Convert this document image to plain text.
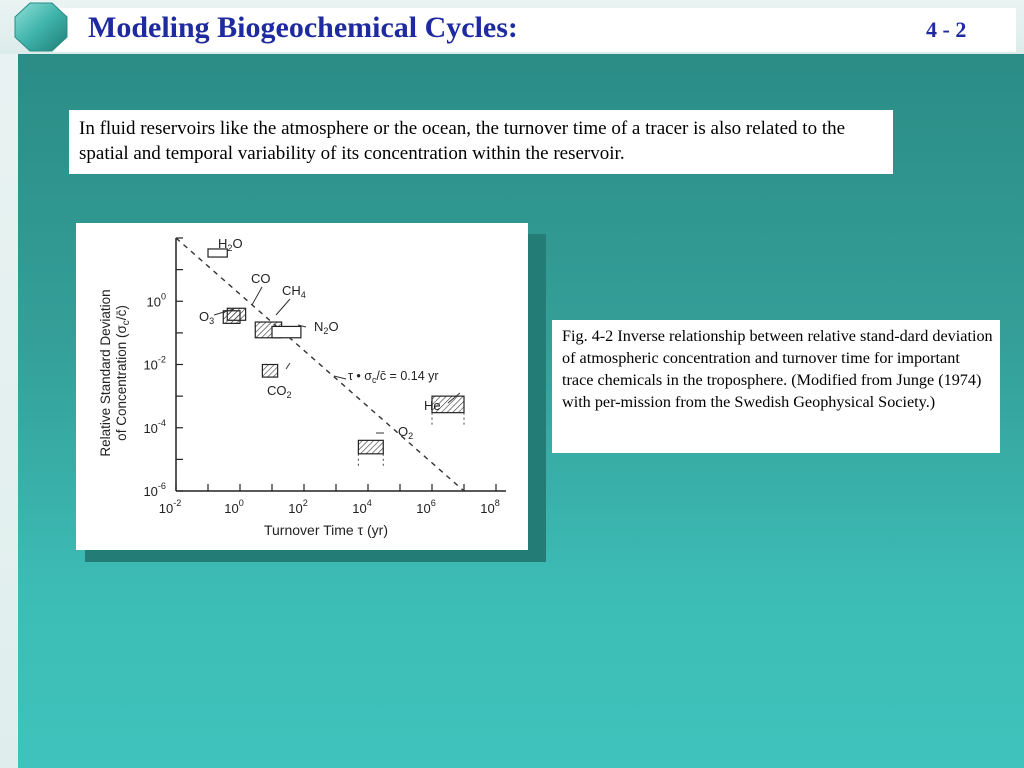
Modeling Biogeochemical Cycles:	4 - 2
In fluid reservoirs like the atmosphere or the ocean, the turnover time of a tracer is also related to the spatial and temporal variability of its concentration within the reservoir.
$10^{-2}$	$10^0$	$10^2$	$10^4$	$10^6$	$10^8$
$10^0$
$10^{-2}$
$10^{-4}$
$10^{-6}$
Turnover Time τ (yr)
Relative Standard Deviationof Concentration $(\sigma_c/c̄)$
τ • $\sigma_c/c̄ = 0.14$ yr
$H_2O$
CO
$O_3$
$CH_4$
$N_2O$
$CO_2$
He
$O_2$
Fig. 4-2 Inverse relationship between relative stand-dard deviation of atmospheric concentration and turnover time for important trace chemicals in the troposphere. (Modified from Junge (1974) with per-mission from the Swedish Geophysical Society.)
